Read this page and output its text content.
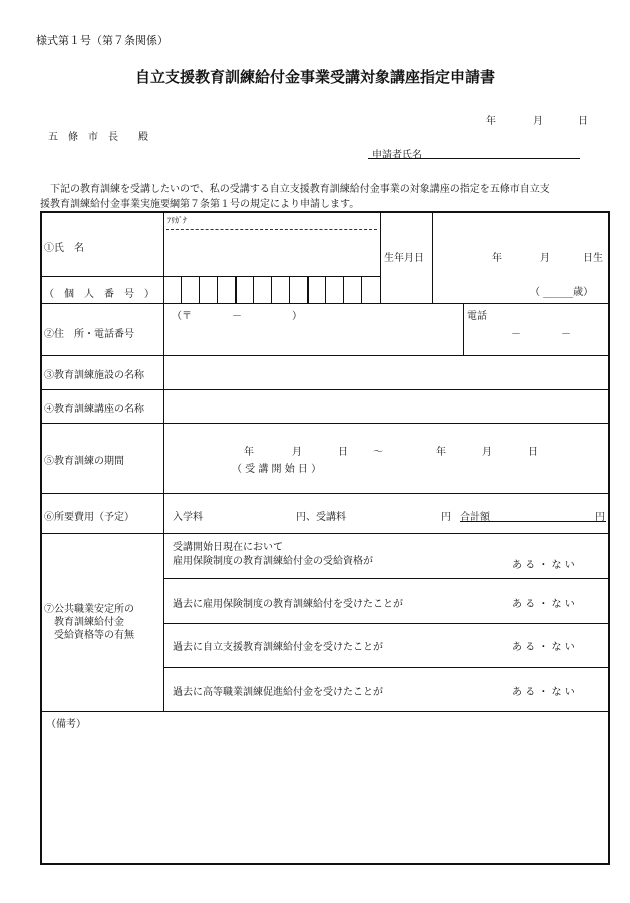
様式第１号（第７条関係）
自立支援教育訓練給付金事業受講対象講座指定申請書
年	月	日
五　條　市　長　　殿
申請者氏名
下記の教育訓練を受講したいので、私の受講する自立支援教育訓練給付金事業の対象講座の指定を五條市自立支
援教育訓練給付金事業実施要綱第７条第１号の規定により申請します。
①氏　名
ﾌﾘｶﾞﾅ
生年月日	年	月	日生
（ ______歳）
（　個　人　番　号　）
②住　所・電話番号
（〒　　　　－　　　　　）	電話
－	－
③教育訓練施設の名称
④教育訓練講座の名称
⑤教育訓練の期間
年	月	日	～	年	月	日
（ 受 講 開 始 日 ）
⑥所要費用（予定）	入学料	円、受講料	円 合計額	円
⑦公共職業安定所の
教育訓練給付金
受給資格等の有無
受講開始日現在において
雇用保険制度の教育訓練給付金の受給資格が	あ る ・ な い
過去に雇用保険制度の教育訓練給付を受けたことが	あ る ・ な い
過去に自立支援教育訓練給付金を受けたことが	あ る ・ な い
過去に高等職業訓練促進給付金を受けたことが	あ る ・ な い
（備考）
